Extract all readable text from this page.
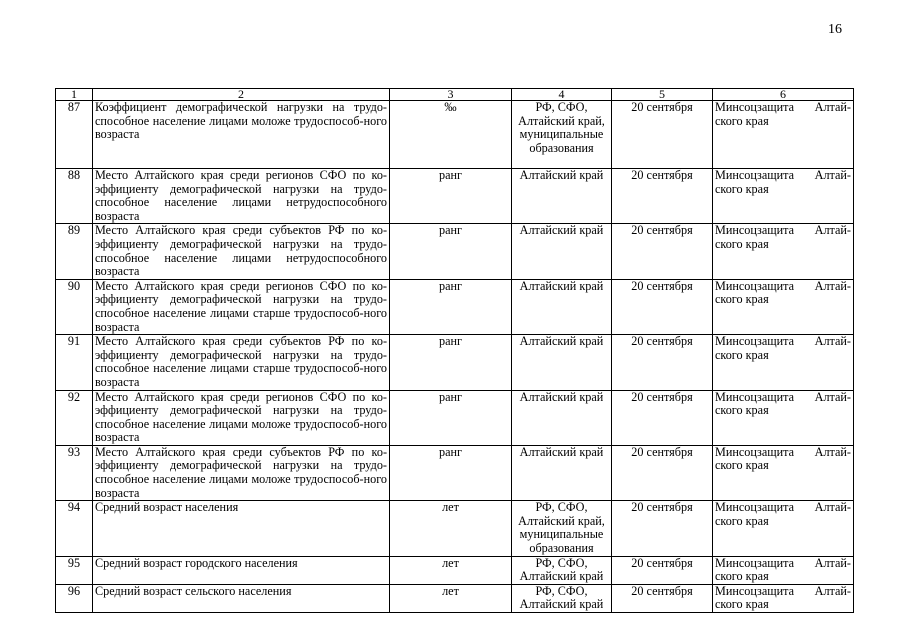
16
1	2	3	4	5	6
87	Коэффициент демографической нагрузки на трудо-способное население лицами моложе трудоспособ-ного возраста	‰	РФ, СФО, Алтайский край, муниципальные образования	20 сентября	Минсоцзащита Алтай-
ского края

88	Место Алтайского края среди регионов СФО по ко-эффициенту демографической нагрузки на трудо-способное население лицами нетрудоспособного возраста	ранг	Алтайский край	20 сентября	Минсоцзащита Алтай-
ского края

89	Место Алтайского края среди субъектов РФ по ко-эффициенту демографической нагрузки на трудо-способное население лицами нетрудоспособного возраста	ранг	Алтайский край	20 сентября	Минсоцзащита Алтай-
ского края

90	Место Алтайского края среди регионов СФО по ко-эффициенту демографической нагрузки на трудо-способное население лицами старше трудоспособ-ного возраста	ранг	Алтайский край	20 сентября	Минсоцзащита Алтай-
ского края

91	Место Алтайского края среди субъектов РФ по ко-эффициенту демографической нагрузки на трудо-способное население лицами старше трудоспособ-ного возраста	ранг	Алтайский край	20 сентября	Минсоцзащита Алтай-
ского края

92	Место Алтайского края среди регионов СФО по ко-эффициенту демографической нагрузки на трудо-способное население лицами моложе трудоспособ-ного возраста	ранг	Алтайский край	20 сентября	Минсоцзащита Алтай-
ского края

93	Место Алтайского края среди субъектов РФ по ко-эффициенту демографической нагрузки на трудо-способное население лицами моложе трудоспособ-ного возраста	ранг	Алтайский край	20 сентября	Минсоцзащита Алтай-
ского края

94	Средний возраст населения	лет	РФ, СФО, Алтайский край, муниципальные образования	20 сентября	Минсоцзащита Алтай-
ского края

95	Средний возраст городского населения	лет	РФ, СФО, Алтайский край	20 сентября	Минсоцзащита Алтай-
ского края

96	Средний возраст сельского населения	лет	РФ, СФО, Алтайский край	20 сентября	Минсоцзащита Алтай-
ского края
